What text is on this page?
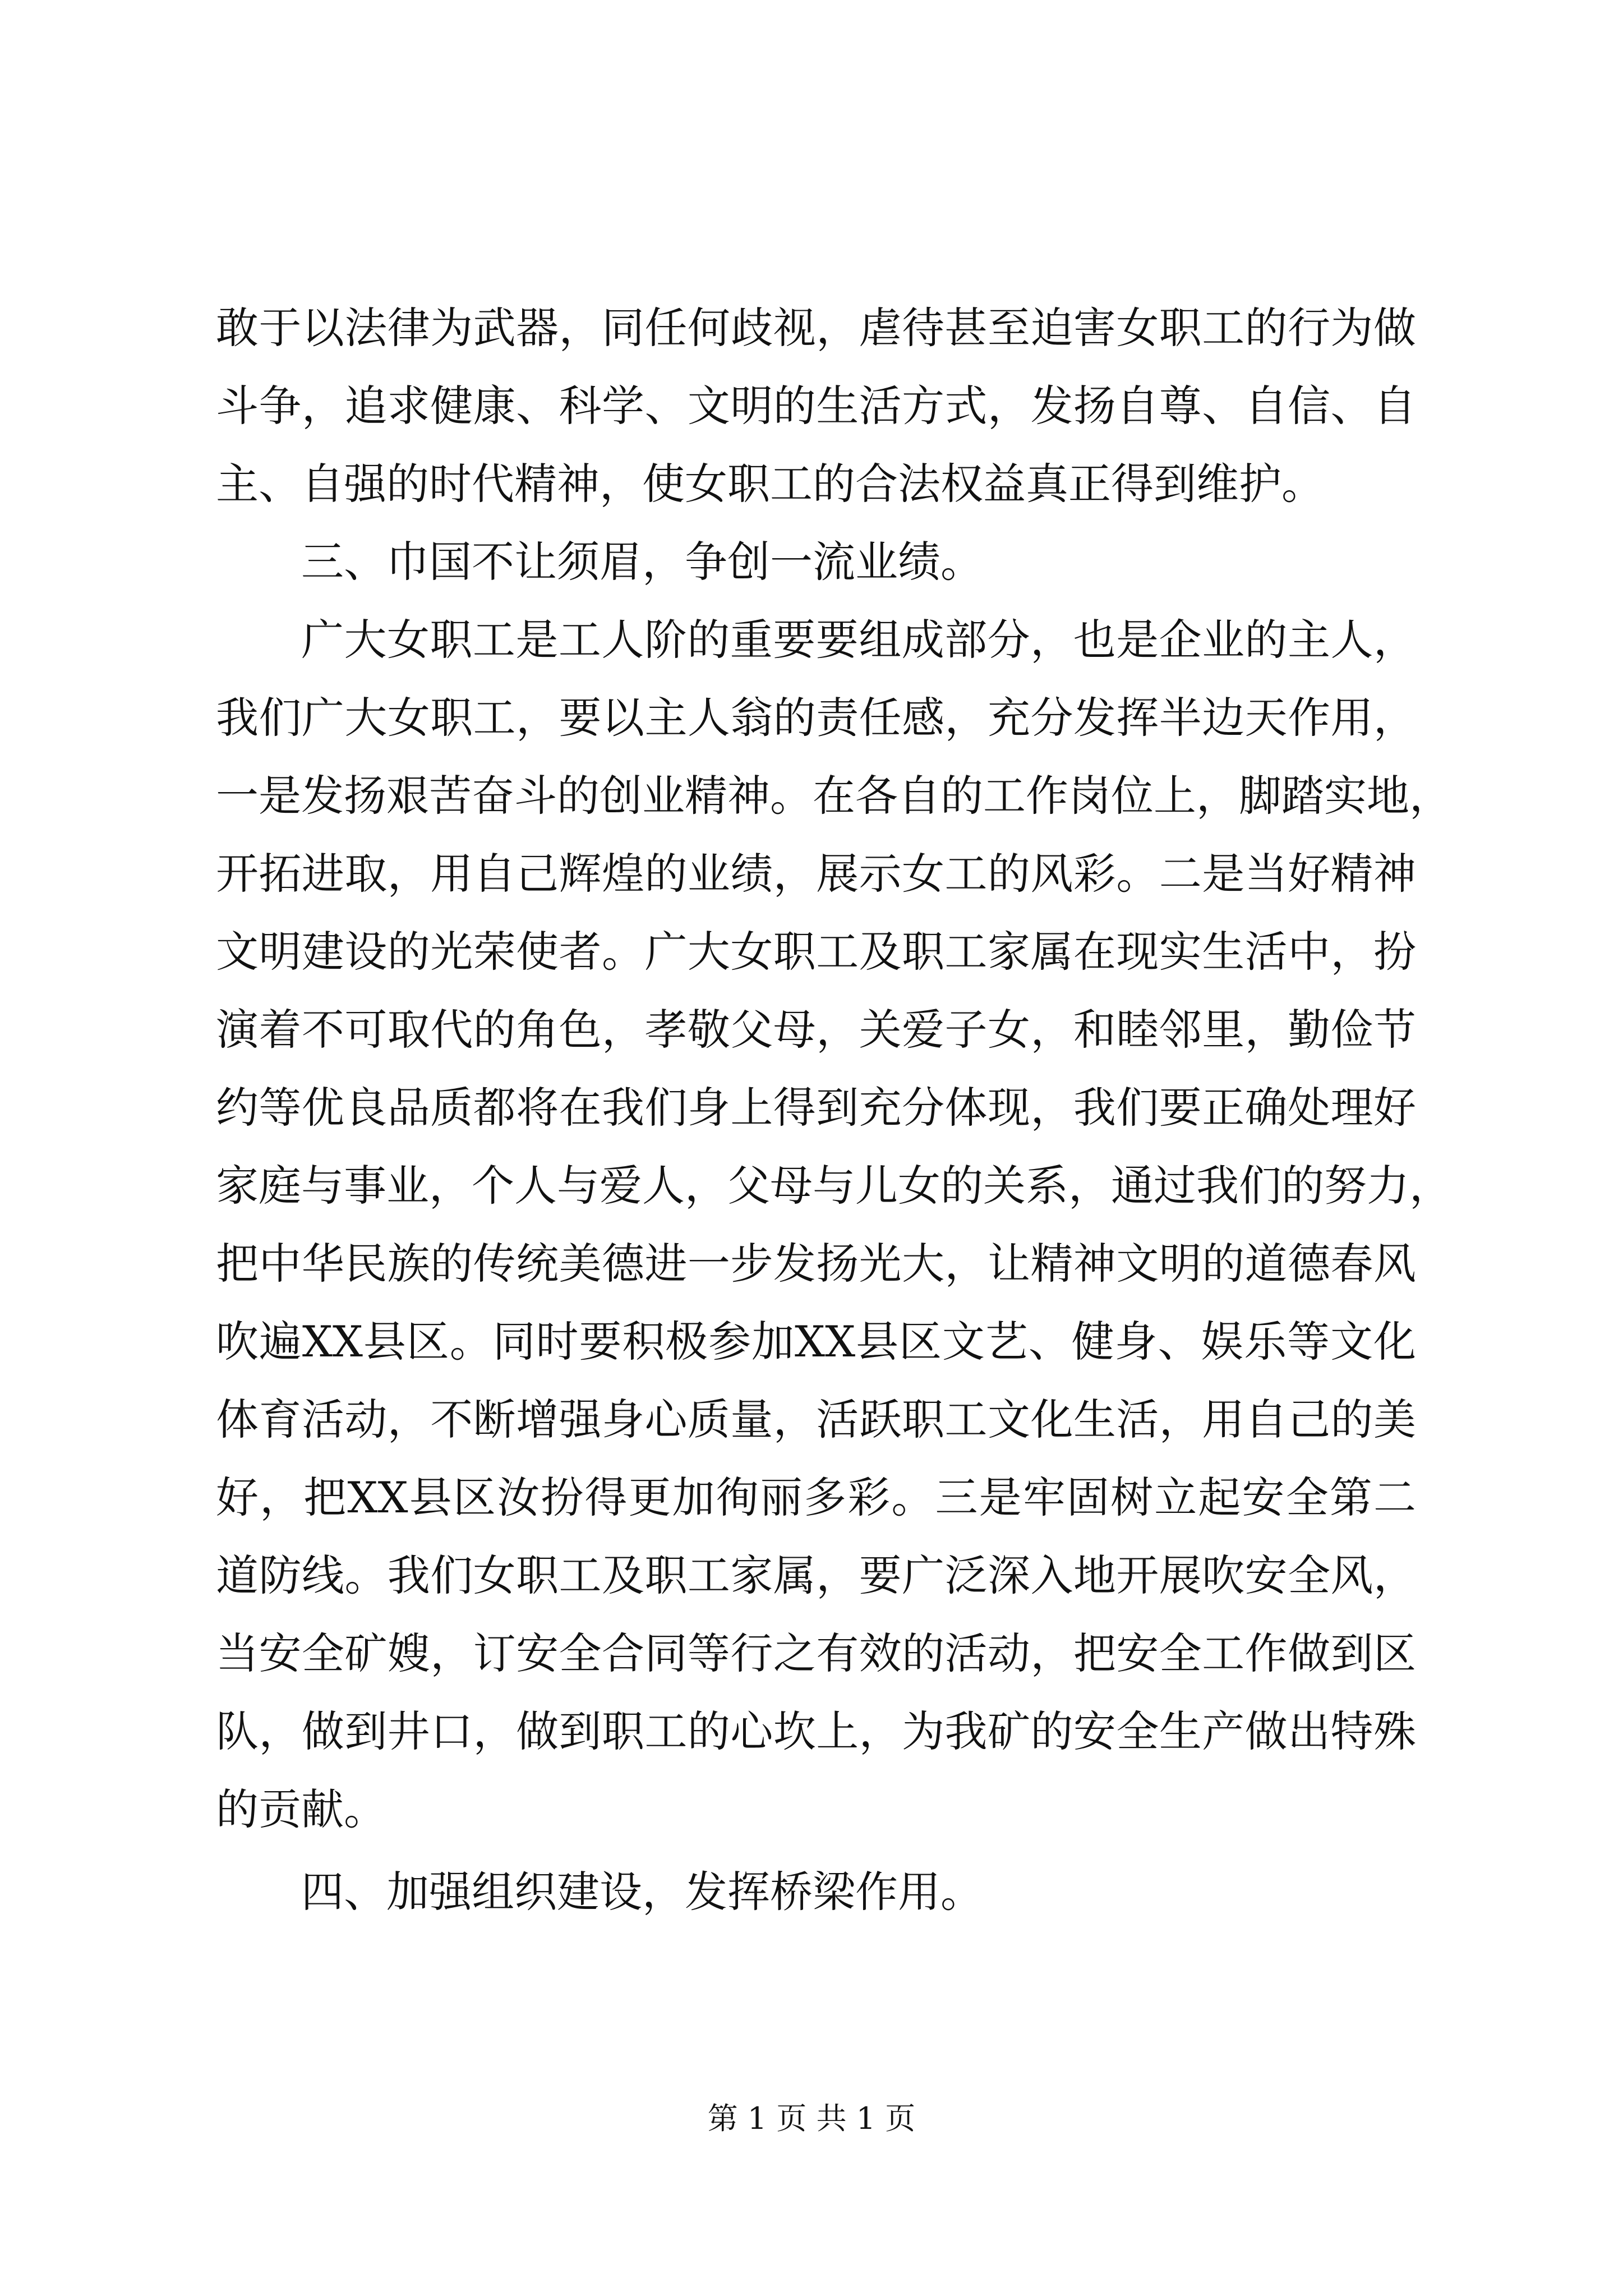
敢于以法律为武器，同任何歧视，虐待甚至迫害女职工的行为做
斗争，追求健康、科学、文明的生活方式，发扬自尊、自信、自
主、自强的时代精神，使女职工的合法权益真正得到维护。
三、巾国不让须眉，争创一流业绩。
广大女职工是工人阶的重要要组成部分，也是企业的主人，
我们广大女职工，要以主人翁的责任感，充分发挥半边天作用，
一是发扬艰苦奋斗的创业精神。在各自的工作岗位上，脚踏实地，
开拓进取，用自己辉煌的业绩，展示女工的风彩。二是当好精神
文明建设的光荣使者。广大女职工及职工家属在现实生活中，扮
演着不可取代的角色，孝敬父母，关爱子女，和睦邻里，勤俭节
约等优良品质都将在我们身上得到充分体现，我们要正确处理好
家庭与事业，个人与爱人，父母与儿女的关系，通过我们的努力，
把中华民族的传统美德进一步发扬光大，让精神文明的道德春风
吹遍XX县区。同时要积极参加XX县区文艺、健身、娱乐等文化
体育活动，不断增强身心质量，活跃职工文化生活，用自己的美
好，把XX县区汝扮得更加徇丽多彩。三是牢固树立起安全第二
道防线。我们女职工及职工家属，要广泛深入地开展吹安全风，
当安全矿嫂，订安全合同等行之有效的活动，把安全工作做到区
队，做到井口，做到职工的心坎上，为我矿的安全生产做出特殊
的贡献。
四、加强组织建设，发挥桥梁作用。
第 1 页 共 1 页
